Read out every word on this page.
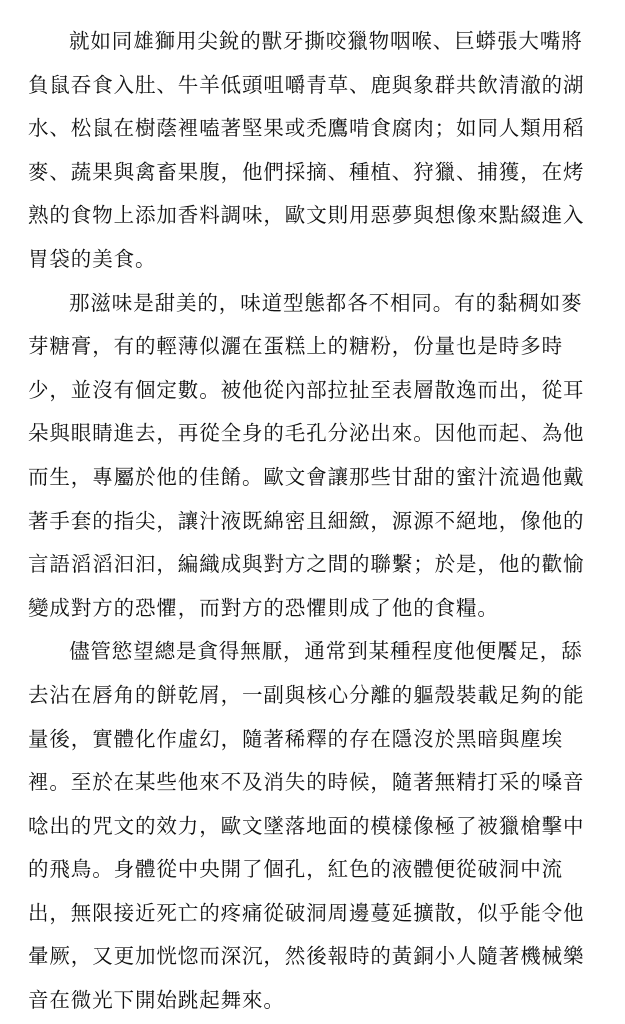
就如同雄獅用尖銳的獸牙撕咬獵物咽喉、巨蟒張大嘴將
負鼠吞食入肚、牛羊低頭咀嚼青草、鹿與象群共飲清澈的湖
水、松鼠在樹蔭裡嗑著堅果或禿鷹啃食腐肉；如同人類用稻
麥、蔬果與禽畜果腹，他們採摘、種植、狩獵、捕獲，在烤
熟的食物上添加香料調味，歐文則用惡夢與想像來點綴進入
胃袋的美食。
那滋味是甜美的，味道型態都各不相同。有的黏稠如麥
芽糖膏，有的輕薄似灑在蛋糕上的糖粉，份量也是時多時
少，並沒有個定數。被他從內部拉扯至表層散逸而出，從耳
朵與眼睛進去，再從全身的毛孔分泌出來。因他而起、為他
而生，專屬於他的佳餚。歐文會讓那些甘甜的蜜汁流過他戴
著手套的指尖，讓汁液既綿密且細緻，源源不絕地，像他的
言語滔滔汩汩，編織成與對方之間的聯繫；於是，他的歡愉
變成對方的恐懼，而對方的恐懼則成了他的食糧。
儘管慾望總是貪得無厭，通常到某種程度他便饜足，舔
去沾在唇角的餅乾屑，一副與核心分離的軀殼裝載足夠的能
量後，實體化作虛幻，隨著稀釋的存在隱沒於黑暗與塵埃
裡。至於在某些他來不及消失的時候，隨著無精打采的嗓音
唸出的咒文的效力，歐文墜落地面的模樣像極了被獵槍擊中
的飛鳥。身體從中央開了個孔，紅色的液體便從破洞中流
出，無限接近死亡的疼痛從破洞周邊蔓延擴散，似乎能令他
暈厥，又更加恍惚而深沉，然後報時的黃銅小人隨著機械樂
音在微光下開始跳起舞來。
